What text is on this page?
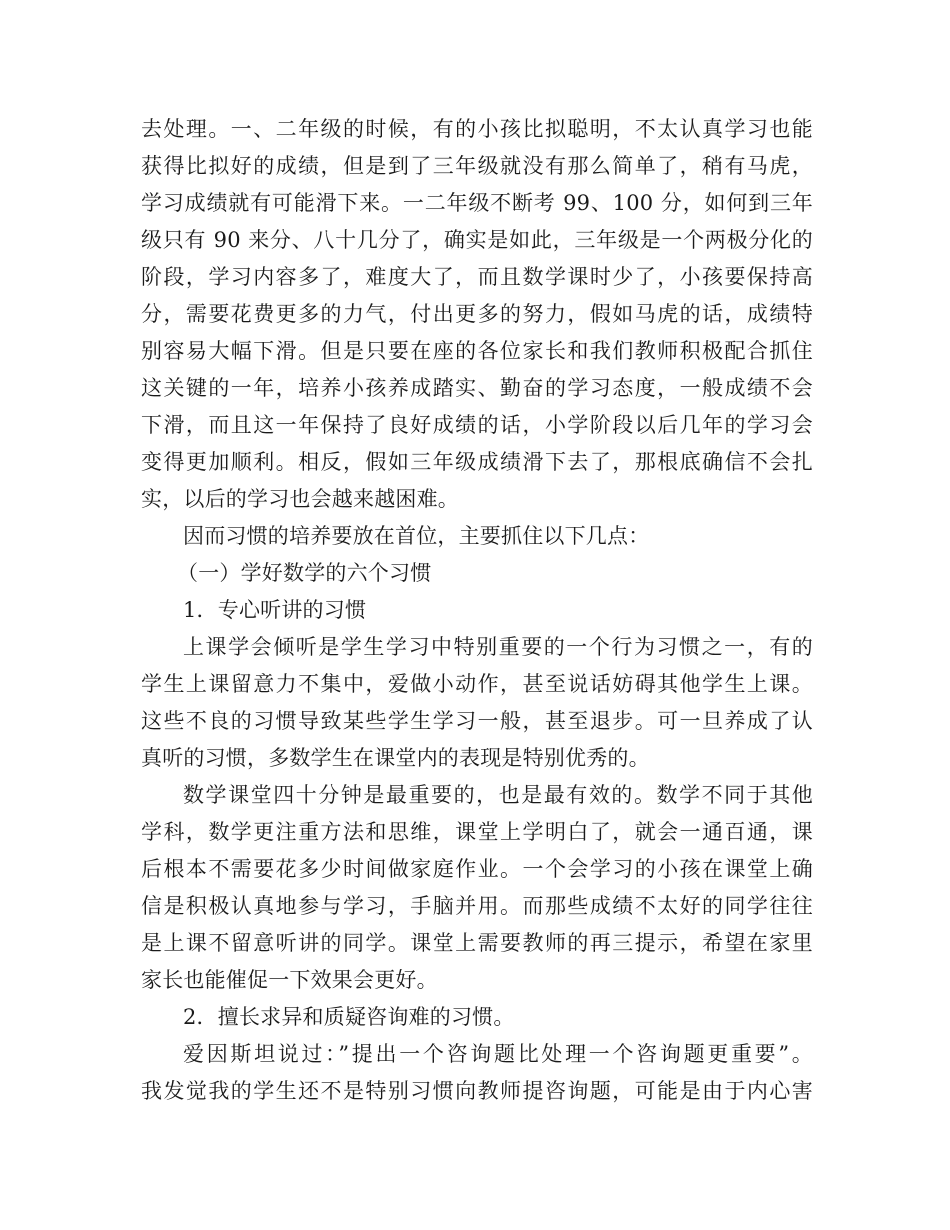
去处理。一、二年级的时候，有的小孩比拟聪明，不太认真学习也能
获得比拟好的成绩，但是到了三年级就没有那么简单了，稍有马虎，
学习成绩就有可能滑下来。一二年级不断考 99、100 分，如何到三年
级只有 90 来分、八十几分了，确实是如此，三年级是一个两极分化的
阶段，学习内容多了，难度大了，而且数学课时少了，小孩要保持高
分，需要花费更多的力气，付出更多的努力，假如马虎的话，成绩特
别容易大幅下滑。但是只要在座的各位家长和我们教师积极配合抓住
这关键的一年，培养小孩养成踏实、勤奋的学习态度，一般成绩不会
下滑，而且这一年保持了良好成绩的话，小学阶段以后几年的学习会
变得更加顺利。相反，假如三年级成绩滑下去了，那根底确信不会扎
实，以后的学习也会越来越困难。
因而习惯的培养要放在首位，主要抓住以下几点：
（一）学好数学的六个习惯
1．专心听讲的习惯
上课学会倾听是学生学习中特别重要的一个行为习惯之一，有的
学生上课留意力不集中，爱做小动作，甚至说话妨碍其他学生上课。
这些不良的习惯导致某些学生学习一般，甚至退步。可一旦养成了认
真听的习惯，多数学生在课堂内的表现是特别优秀的。
数学课堂四十分钟是最重要的，也是最有效的。数学不同于其他
学科，数学更注重方法和思维，课堂上学明白了，就会一通百通，课
后根本不需要花多少时间做家庭作业。一个会学习的小孩在课堂上确
信是积极认真地参与学习，手脑并用。而那些成绩不太好的同学往往
是上课不留意听讲的同学。课堂上需要教师的再三提示，希望在家里
家长也能催促一下效果会更好。
2．擅长求异和质疑咨询难的习惯。
爱因斯坦说过：”提出一个咨询题比处理一个咨询题更重要”。
我发觉我的学生还不是特别习惯向教师提咨询题，可能是由于内心害
